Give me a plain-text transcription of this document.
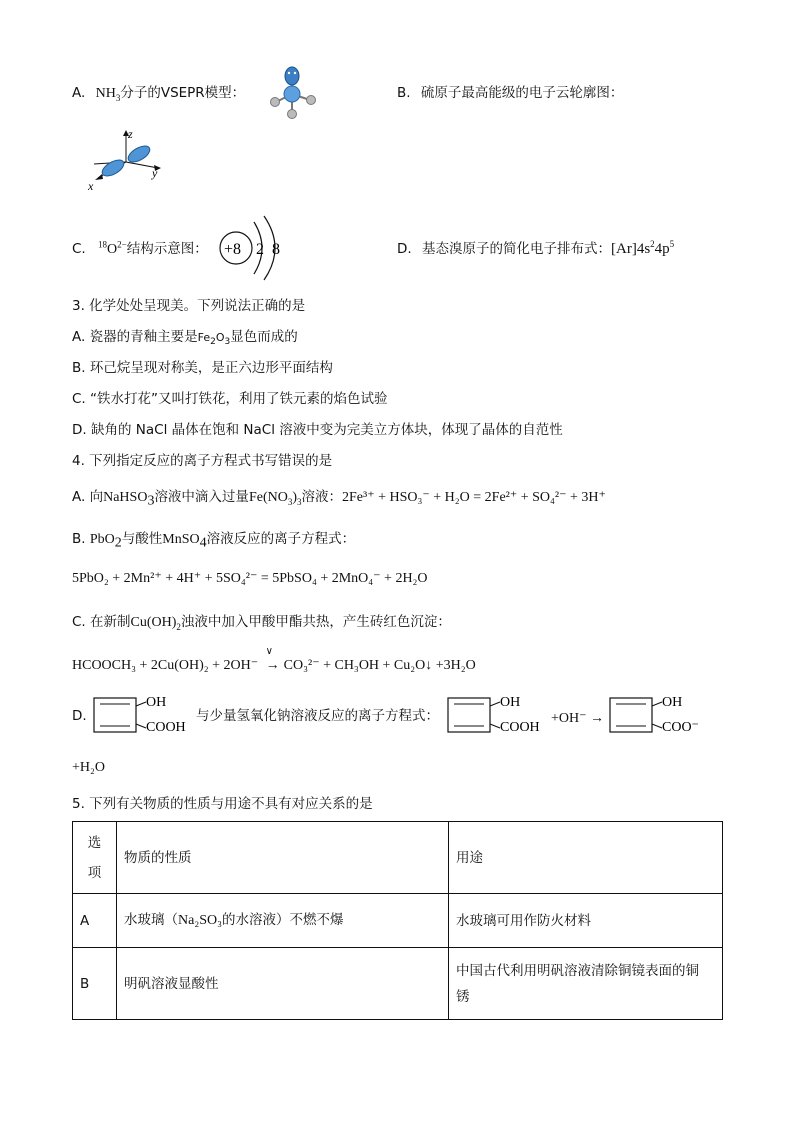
A. $NH_3$分子的VSEPR模型：	B. 硫原子最高能级的电子云轮廓图：
z
y
x
C. $^{18}O^{2-}$结构示意图： +8 2 8	D. 基态溴原子的简化电子排布式：$[Ar]4s^24p^5$
3. 化学处处呈现美。下列说法正确的是
A. 瓷器的青釉主要是$Fe_2O_3$显色而成的
B. 环己烷呈现对称美，是正六边形平面结构
C. “铁水打花”又叫打铁花，利用了铁元素的焰色试验
D. 缺角的 NaCl 晶体在饱和 NaCl 溶液中变为完美立方体块，体现了晶体的自范性
4. 下列指定反应的离子方程式书写错误的是
A. 向NaHSO$_3$溶液中滴入过量$Fe(NO_3)_3$溶液：2Fe³⁺ + HSO₃⁻ + H₂O = 2Fe²⁺ + SO₄²⁻ + 3H⁺
B. PbO$_2$与酸性MnSO$_4$溶液反应的离子方程式：
5PbO₂ + 2Mn²⁺ + 4H⁺ + 5SO₄²⁻ = 5PbSO₄ + 2MnO₄⁻ + 2H₂O
C. 在新制$Cu(OH)_2$浊液中加入甲酸甲酯共热，产生砖红色沉淀：
HCOOCH₃ + 2Cu(OH)₂ + 2OH⁻
∨
→ CO₃²⁻ + CH₃OH + Cu₂O↓ +3H₂O
D.
OH
COOH
与少量氢氧化钠溶液反应的离子方程式：
OH
COOH
+OH⁻ →
OH
COO⁻
+H₂O
5. 下列有关物质的性质与用途不具有对应关系的是
选
项	物质的性质	用途
A	水玻璃（Na₂SO₃的水溶液）不燃不爆	水玻璃可用作防火材料
B	明矾溶液显酸性	中国古代利用明矾溶液清除铜镜表面的铜
锈
